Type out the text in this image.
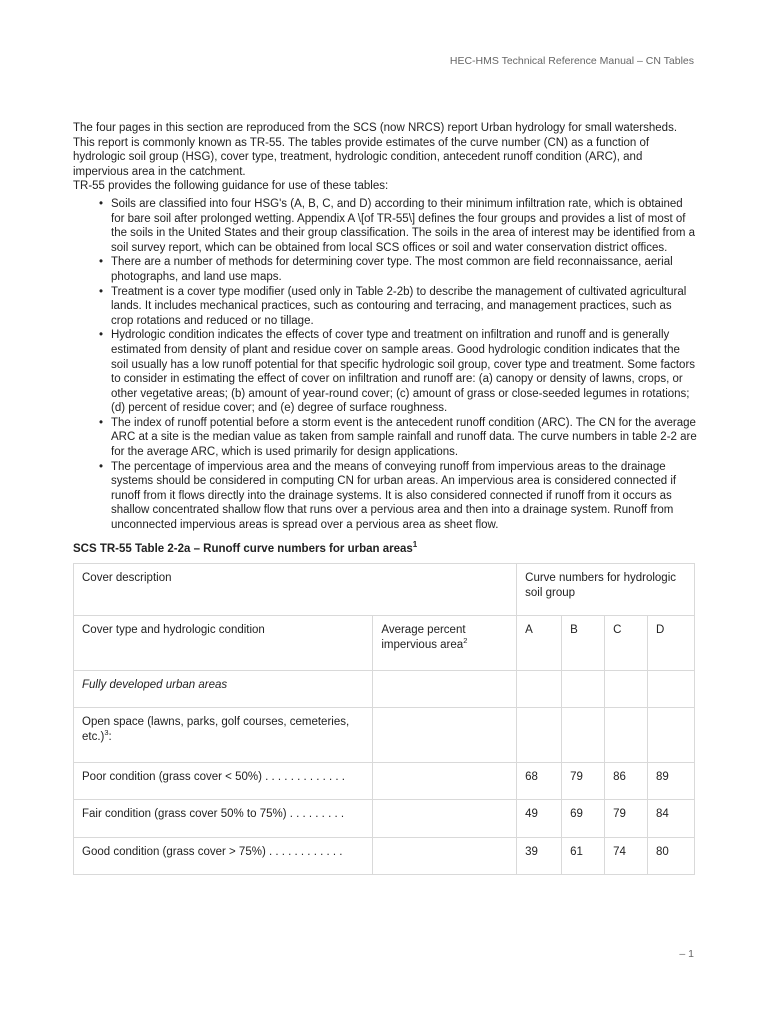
HEC-HMS Technical Reference Manual – CN Tables

The four pages in this section are reproduced from the SCS (now NRCS) report Urban hydrology for small watersheds. This report is commonly known as TR-55. The tables provide estimates of the curve number (CN) as a function of hydrologic soil group (HSG), cover type, treatment, hydrologic condition, antecedent runoff condition (ARC), and impervious area in the catchment.

TR-55 provides the following guidance for use of these tables:

• Soils are classified into four HSG's (A, B, C, and D) according to their minimum infiltration rate, which is obtained for bare soil after prolonged wetting. Appendix A \[of TR-55\] defines the four groups and provides a list of most of the soils in the United States and their group classification. The soils in the area of interest may be identified from a soil survey report, which can be obtained from local SCS offices or soil and water conservation district offices.
• There are a number of methods for determining cover type. The most common are field reconnaissance, aerial photographs, and land use maps.
• Treatment is a cover type modifier (used only in Table 2-2b) to describe the management of cultivated agricultural lands. It includes mechanical practices, such as contouring and terracing, and management practices, such as crop rotations and reduced or no tillage.
• Hydrologic condition indicates the effects of cover type and treatment on infiltration and runoff and is generally estimated from density of plant and residue cover on sample areas. Good hydrologic condition indicates that the soil usually has a low runoff potential for that specific hydrologic soil group, cover type and treatment. Some factors to consider in estimating the effect of cover on infiltration and runoff are: (a) canopy or density of lawns, crops, or other vegetative areas; (b) amount of year-round cover; (c) amount of grass or close-seeded legumes in rotations; (d) percent of residue cover; and (e) degree of surface roughness.
• The index of runoff potential before a storm event is the antecedent runoff condition (ARC). The CN for the average ARC at a site is the median value as taken from sample rainfall and runoff data. The curve numbers in table 2-2 are for the average ARC, which is used primarily for design applications.
• The percentage of impervious area and the means of conveying runoff from impervious areas to the drainage systems should be considered in computing CN for urban areas. An impervious area is considered connected if runoff from it flows directly into the drainage systems. It is also considered connected if runoff from it occurs as shallow concentrated shallow flow that runs over a pervious area and then into a drainage system. Runoff from unconnected impervious areas is spread over a pervious area as sheet flow.
SCS TR-55 Table 2-2a – Runoff curve numbers for urban areas$^1$
Cover description		Curve numbers for hydrologic soil group			
Cover type and hydrologic condition	Average percent impervious area$^2$	A	B	C	D
Fully developed urban areas					
Open space (lawns, parks, golf courses, cemeteries, etc.)$^3$:					
Poor condition (grass cover < 50%) . . . . . . . . . . . . .		68	79	86	89
Fair condition (grass cover 50% to 75%) . . . . . . . . .		49	69	79	84
Good condition (grass cover > 75%) . . . . . . . . . . . .		39	61	74	80
– 1
